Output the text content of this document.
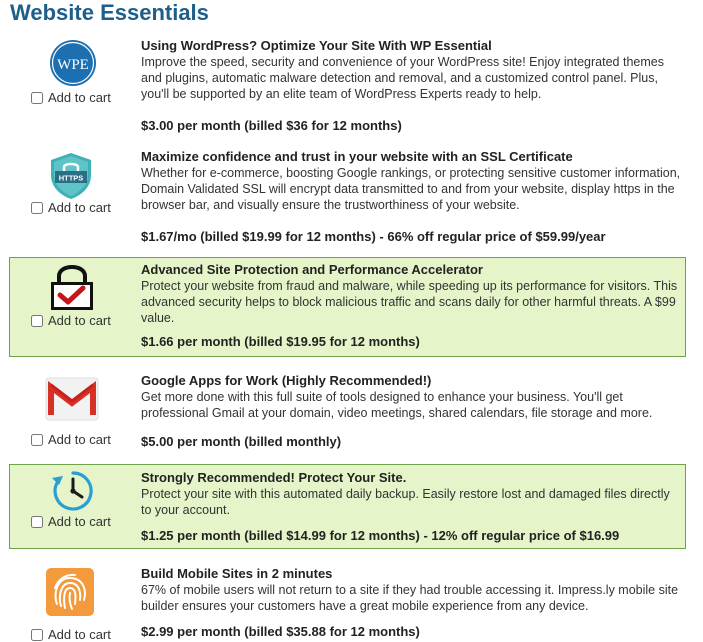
Website Essentials
WPE
Add to cart
Using WordPress? Optimize Your Site With WP Essential
Improve the speed, security and convenience of your WordPress site! Enjoy integrated themes and plugins, automatic malware detection and removal, and a customized control panel. Plus, you'll be supported by an elite team of WordPress Experts ready to help.
$3.00 per month (billed $36 for 12 months)
HTTPS
Add to cart
Maximize confidence and trust in your website with an SSL Certificate
Whether for e-commerce, boosting Google rankings, or protecting sensitive customer information, Domain Validated SSL will encrypt data transmitted to and from your website, display https in the browser bar, and visually ensure the trustworthiness of your website.
$1.67/mo (billed $19.99 for 12 months) - 66% off regular price of $59.99/year
Add to cart
Advanced Site Protection and Performance Accelerator
Protect your website from fraud and malware, while speeding up its performance for visitors. This advanced security helps to block malicious traffic and scans daily for other harmful threats. A $99 value.
$1.66 per month (billed $19.95 for 12 months)
Add to cart
Google Apps for Work (Highly Recommended!)
Get more done with this full suite of tools designed to enhance your business. You'll get professional Gmail at your domain, video meetings, shared calendars, file storage and more.
$5.00 per month (billed monthly)
Add to cart
Strongly Recommended! Protect Your Site.
Protect your site with this automated daily backup. Easily restore lost and damaged files directly to your account.
$1.25 per month (billed $14.99 for 12 months) - 12% off regular price of $16.99
Add to cart
Build Mobile Sites in 2 minutes
67% of mobile users will not return to a site if they had trouble accessing it. Impress.ly mobile site builder ensures your customers have a great mobile experience from any device.
$2.99 per month (billed $35.88 for 12 months)
